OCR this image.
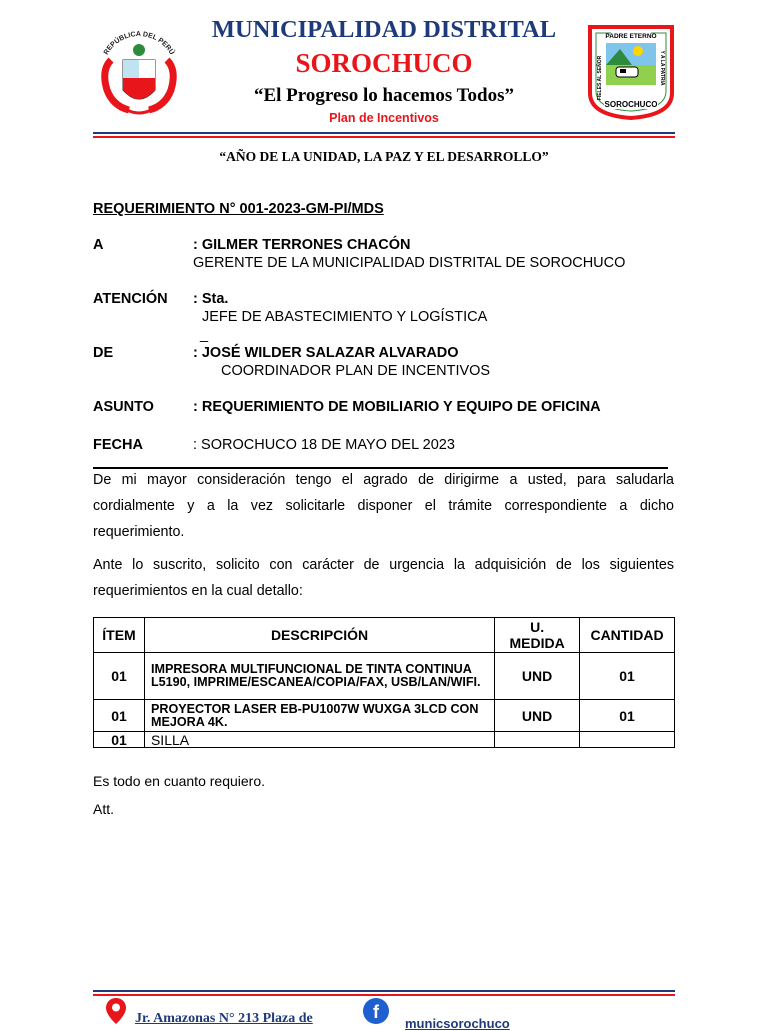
REPÚBLICA DEL PERÚ
MUNICIPALIDAD DISTRITAL
SOROCHUCO
“El Progreso lo hacemos Todos”
Plan de Incentivos
PADRE ETERNO
FIELES AL SEÑOR	Y A LA PATRIA
SOROCHUCO
“AÑO DE LA UNIDAD, LA PAZ Y EL DESARROLLO”
REQUERIMIENTO N° 001-2023-GM-PI/MDS
A	: GILMER TERRONES CHACÓN
GERENTE DE LA MUNICIPALIDAD DISTRITAL DE SOROCHUCO
ATENCIÓN : Sta.
JEFE DE ABASTECIMIENTO Y LOGÍSTICA
_
DE	: JOSÉ WILDER SALAZAR ALVARADO
COORDINADOR PLAN DE INCENTIVOS
ASUNTO	: REQUERIMIENTO DE MOBILIARIO Y EQUIPO DE OFICINA
FECHA	: SOROCHUCO 18 DE MAYO DEL 2023
De mi mayor consideración tengo el agrado de dirigirme a usted, para saludarla
cordialmente y a la vez solicitarle disponer el trámite correspondiente a dicho
requerimiento.
Ante lo suscrito, solicito con carácter de urgencia la adquisición de los siguientes
requerimientos en la cual detallo:
ÍTEM	DESCRIPCIÓN	U. MEDIDA	CANTIDAD
01	IMPRESORA MULTIFUNCIONAL DE TINTA CONTINUA L5190, IMPRIME/ESCANEA/COPIA/FAX, USB/LAN/WIFI.	UND	01
01	PROYECTOR LASER EB-PU1007W WUXGA 3LCD CON MEJORA 4K.	UND	01
01	SILLA		
Es todo en cuanto requiero.
Att.
Jr. Amazonas N° 213 Plaza de	f
municsorochuco
